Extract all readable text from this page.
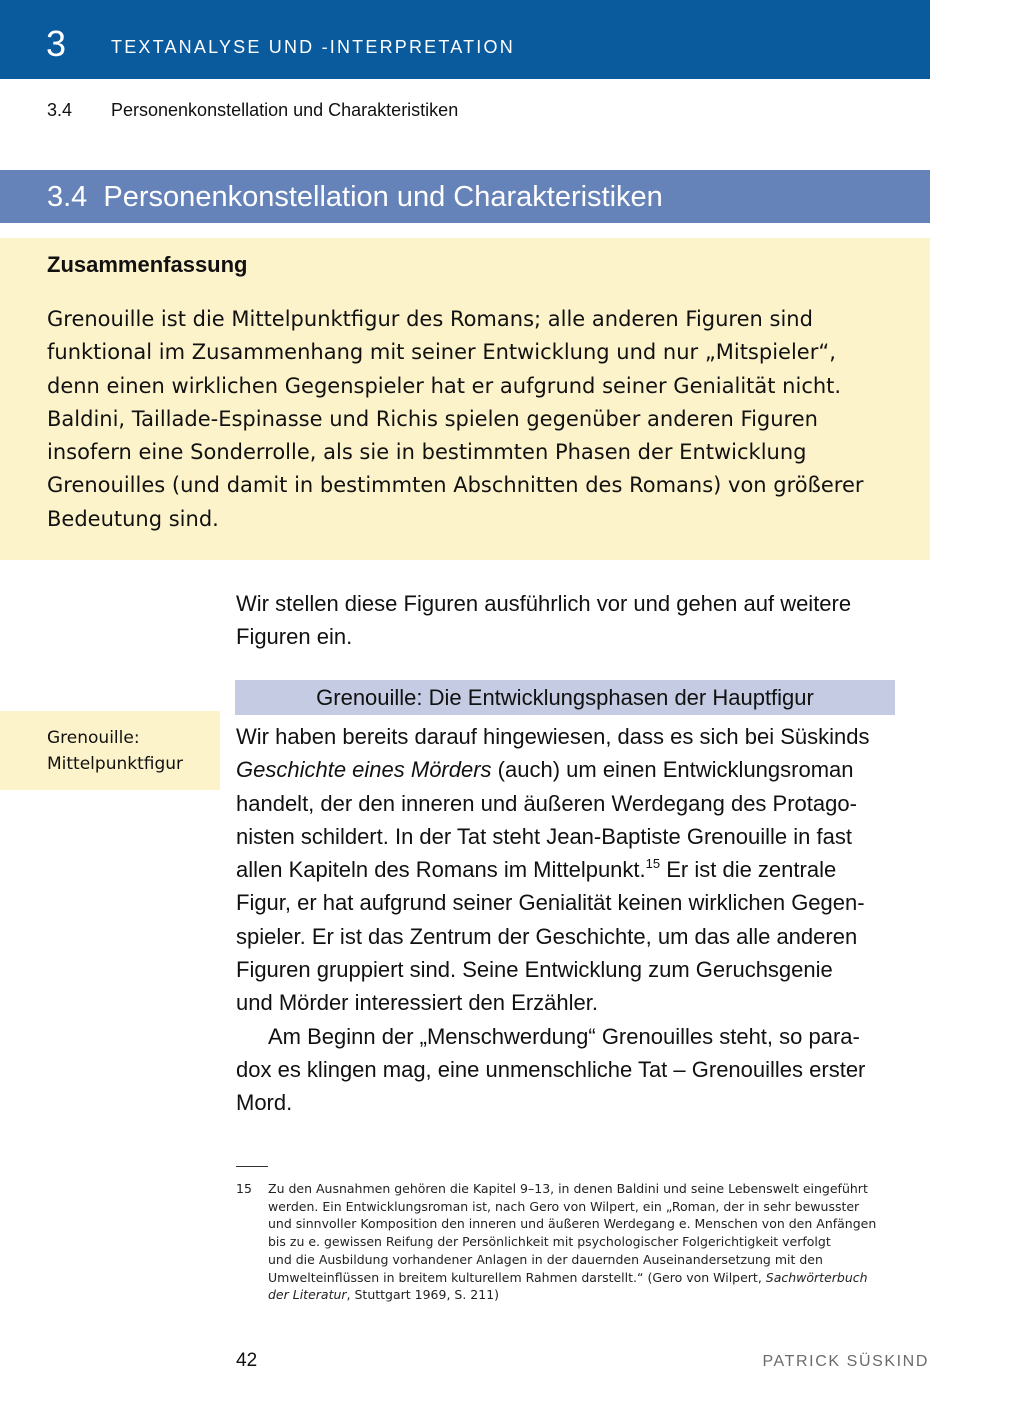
3 TEXTANALYSE UND -INTERPRETATION
3.4 Personenkonstellation und Charakteristiken
3.4  Personenkonstellation und Charakteristiken
Zusammenfassung
Grenouille ist die Mittelpunktfigur des Romans; alle anderen Figuren sind
funktional im Zusammenhang mit seiner Entwicklung und nur „Mitspieler“,
denn einen wirklichen Gegenspieler hat er aufgrund seiner Genialität nicht.
Baldini, Taillade-Espinasse und Richis spielen gegenüber anderen Figuren
insofern eine Sonderrolle, als sie in bestimmten Phasen der Entwicklung
Grenouilles (und damit in bestimmten Abschnitten des Romans) von größerer
Bedeutung sind.
Wir stellen diese Figuren ausführlich vor und gehen auf weitere
Figuren ein.
Grenouille: Die Entwicklungsphasen der Hauptfigur
Grenouille:
Mittelpunktfigur
Wir haben bereits darauf hingewiesen, dass es sich bei Süskinds
Geschichte eines Mörders (auch) um einen Entwicklungsroman
handelt, der den inneren und äußeren Werdegang des Protago-
nisten schildert. In der Tat steht Jean-Baptiste Grenouille in fast
allen Kapiteln des Romans im Mittelpunkt.$^{15}$ Er ist die zentrale
Figur, er hat aufgrund seiner Genialität keinen wirklichen Gegen-
spieler. Er ist das Zentrum der Geschichte, um das alle anderen
Figuren gruppiert sind. Seine Entwicklung zum Geruchsgenie
und Mörder interessiert den Erzähler.
Am Beginn der „Menschwerdung“ Grenouilles steht, so para-
dox es klingen mag, eine unmenschliche Tat – Grenouilles erster
Mord.
15 Zu den Ausnahmen gehören die Kapitel 9–13, in denen Baldini und seine Lebenswelt eingeführt
werden. Ein Entwicklungsroman ist, nach Gero von Wilpert, ein „Roman, der in sehr bewusster
und sinnvoller Komposition den inneren und äußeren Werdegang e. Menschen von den Anfängen
bis zu e. gewissen Reifung der Persönlichkeit mit psychologischer Folgerichtigkeit verfolgt
und die Ausbildung vorhandener Anlagen in der dauernden Auseinandersetzung mit den
Umwelteinflüssen in breitem kulturellem Rahmen darstellt.“ (Gero von Wilpert, Sachwörterbuch
der Literatur, Stuttgart 1969, S. 211)
42	PATRICK SÜSKIND
